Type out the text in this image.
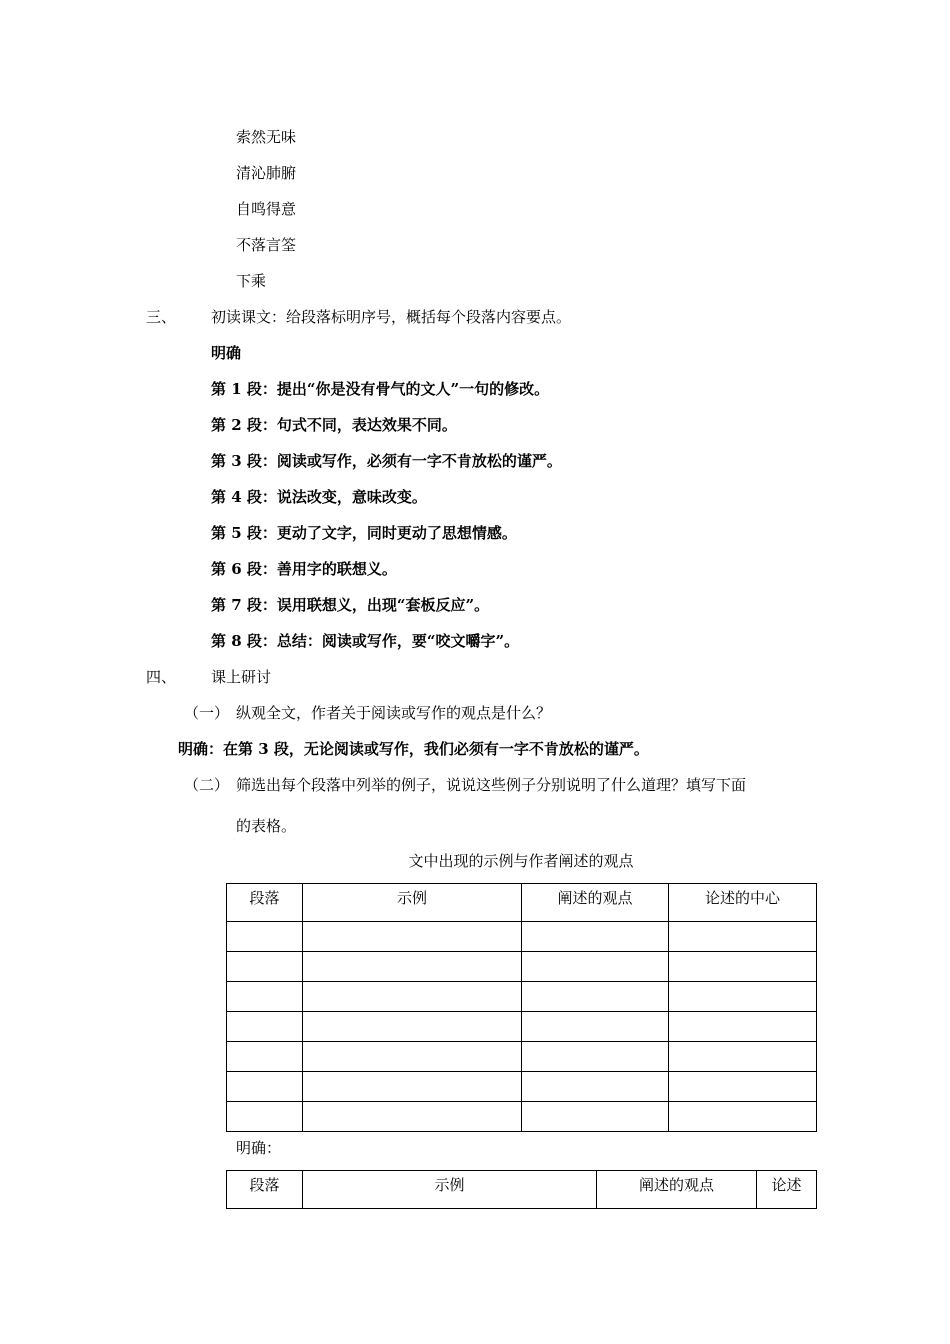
索然无味
清沁肺腑
自鸣得意
不落言筌
下乘
三、 初读课文：给段落标明序号，概括每个段落内容要点。
明确
第 1 段：提出“你是没有骨气的文人”一句的修改。
第 2 段：句式不同，表达效果不同。
第 3 段：阅读或写作，必须有一字不肯放松的谨严。
第 4 段：说法改变，意味改变。
第 5 段：更动了文字，同时更动了思想情感。
第 6 段：善用字的联想义。
第 7 段：误用联想义，出现“套板反应”。
第 8 段：总结：阅读或写作，要“咬文嚼字”。
四、 课上研讨
（一） 纵观全文，作者关于阅读或写作的观点是什么？
明确：在第 3 段，无论阅读或写作，我们必须有一字不肯放松的谨严。
（二） 筛选出每个段落中列举的例子，说说这些例子分别说明了什么道理？填写下面
的表格。
文中出现的示例与作者阐述的观点
段落	示例	阐述的观点	论述的中心

明确：
段落	示例	阐述的观点	论述
